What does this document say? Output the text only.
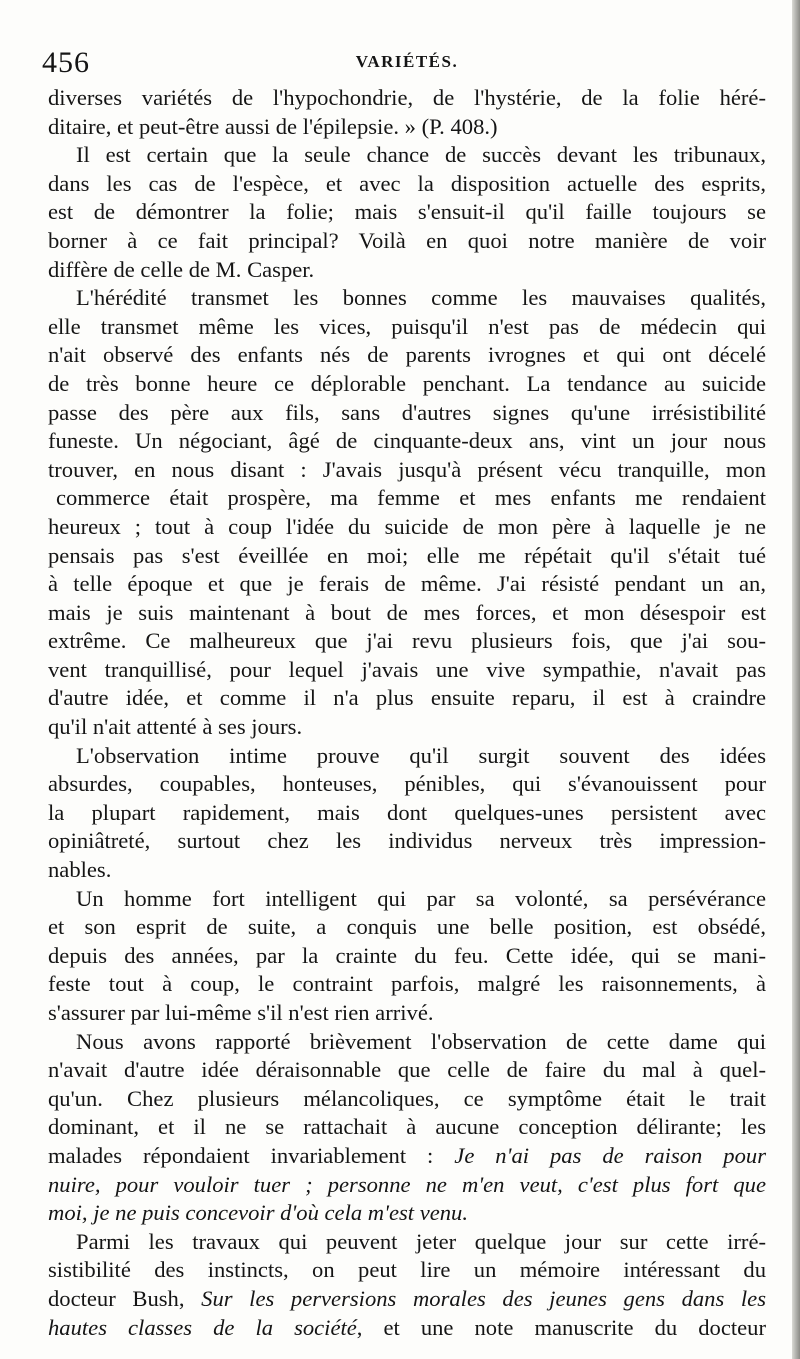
456	VARIÉTÉS.
diverses variétés de l'hypochondrie, de l'hystérie, de la folie héré-
ditaire, et peut-être aussi de l'épilepsie. » (P. 408.)
Il est certain que la seule chance de succès devant les tribunaux,
dans les cas de l'espèce, et avec la disposition actuelle des esprits,
est de démontrer la folie; mais s'ensuit-il qu'il faille toujours se
borner à ce fait principal? Voilà en quoi notre manière de voir
diffère de celle de M. Casper.
L'hérédité transmet les bonnes comme les mauvaises qualités,
elle transmet même les vices, puisqu'il n'est pas de médecin qui
n'ait observé des enfants nés de parents ivrognes et qui ont décelé
de très bonne heure ce déplorable penchant. La tendance au suicide
passe des père aux fils, sans d'autres signes qu'une irrésistibilité
funeste. Un négociant, âgé de cinquante-deux ans, vint un jour nous
trouver, en nous disant : J'avais jusqu'à présent vécu tranquille, mon
commerce était prospère, ma femme et mes enfants me rendaient
heureux ; tout à coup l'idée du suicide de mon père à laquelle je ne
pensais pas s'est éveillée en moi; elle me répétait qu'il s'était tué
à telle époque et que je ferais de même. J'ai résisté pendant un an,
mais je suis maintenant à bout de mes forces, et mon désespoir est
extrême. Ce malheureux que j'ai revu plusieurs fois, que j'ai sou-
vent tranquillisé, pour lequel j'avais une vive sympathie, n'avait pas
d'autre idée, et comme il n'a plus ensuite reparu, il est à craindre
qu'il n'ait attenté à ses jours.
L'observation intime prouve qu'il surgit souvent des idées
absurdes, coupables, honteuses, pénibles, qui s'évanouissent pour
la plupart rapidement, mais dont quelques-unes persistent avec
opiniâtreté, surtout chez les individus nerveux très impression-
nables.
Un homme fort intelligent qui par sa volonté, sa persévérance
et son esprit de suite, a conquis une belle position, est obsédé,
depuis des années, par la crainte du feu. Cette idée, qui se mani-
feste tout à coup, le contraint parfois, malgré les raisonnements, à
s'assurer par lui-même s'il n'est rien arrivé.
Nous avons rapporté brièvement l'observation de cette dame qui
n'avait d'autre idée déraisonnable que celle de faire du mal à quel-
qu'un. Chez plusieurs mélancoliques, ce symptôme était le trait
dominant, et il ne se rattachait à aucune conception délirante; les
malades répondaient invariablement : Je n'ai pas de raison pour
nuire, pour vouloir tuer ; personne ne m'en veut, c'est plus fort que
moi, je ne puis concevoir d'où cela m'est venu.
Parmi les travaux qui peuvent jeter quelque jour sur cette irré-
sistibilité des instincts, on peut lire un mémoire intéressant du
docteur Bush, Sur les perversions morales des jeunes gens dans les
hautes classes de la société, et une note manuscrite du docteur
